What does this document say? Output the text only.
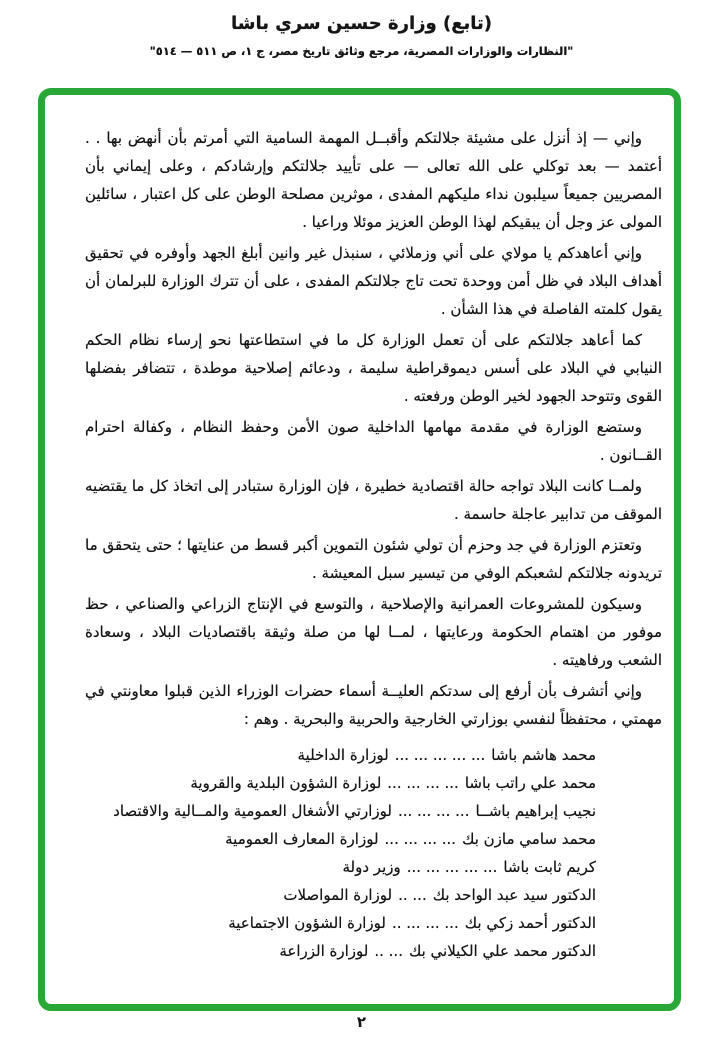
(تابع) وزارة حسين سري باشا
"النظارات والوزارات المصرية، مرجع وثائق تاريخ مصر، ج ١، ص ٥١١ — ٥١٤"

وإني — إذ أنزل على مشيئة جلالتكم وأقبــل المهمة السامية التي أمرتم بأن أنهض بها . . أعتمد — بعد توكلي على الله تعالى — على تأييد جلالتكم وإرشادكم ، وعلى إيماني بأن المصريين جميعاً سيلبون نداء مليكهم المفدى ، موثرين مصلحة الوطن على كل اعتبار ، سائلين المولى عز وجل أن يبقيكم لهذا الوطن العزيز موئلا وراعيا .

وإني أعاهدكم يا مولاي على أني وزملائي ، سنبذل غير وانين أبلغ الجهد وأوفره في تحقيق أهداف البلاد في ظل أمن ووحدة تحت تاج جلالتكم المفدى ، على أن تترك الوزارة للبرلمان أن يقول كلمته الفاصلة في هذا الشأن .

كما أعاهد جلالتكم على أن تعمل الوزارة كل ما في استطاعتها نحو إرساء نظام الحكم النيابي في البلاد على أسس ديموقراطية سليمة ، ودعائم إصلاحية موطدة ، تتضافر بفضلها القوى وتتوحد الجهود لخير الوطن ورفعته .

وستضع الوزارة في مقدمة مهامها الداخلية صون الأمن وحفظ النظام ، وكفالة احترام القــانون .

ولمــا كانت البلاد تواجه حالة اقتصادية خطيرة ، فإن الوزارة ستبادر إلى اتخاذ كل ما يقتضيه الموقف من تدابير عاجلة حاسمة .

وتعتزم الوزارة في جد وحزم أن تولي شئون التموين أكبر قسط من عنايتها ؛ حتى يتحقق ما تريدونه جلالتكم لشعبكم الوفي من تيسير سبل المعيشة .

وسيكون للمشروعات العمرانية والإصلاحية ، والتوسع في الإنتاج الزراعي والصناعي ، حظ موفور من اهتمام الحكومة ورعايتها ، لمــا لها من صلة وثيقة باقتصاديات البلاد ، وسعادة الشعب ورفاهيته .

وإني أتشرف بأن أرفع إلى سدتكم العليــة أسماء حضرات الوزراء الذين قبلوا معاونتي في مهمتي ، محتفظاً لنفسي بوزارتي الخارجية والحربية والبحرية . وهم :

محمد هاشم باشا... ... ... ... ...لوزارة الداخلية
محمد علي راتب باشا... ... ... ...لوزارة الشؤون البلدية والقروية
نجيب إبراهيم باشــا... ... ... ...لوزارتي الأشغال العمومية والمــالية والاقتصاد
محمد سامي مازن بك... ... ... ...لوزارة المعارف العمومية
كريم ثابت باشا... ... ... ... ...وزير دولة
الدكتور سيد عبد الواحد بك... ..لوزارة المواصلات
الدكتور أحمد زكي بك... ... ... ..لوزارة الشؤون الاجتماعية
الدكتور محمد علي الكيلاني بك... ..لوزارة الزراعة
٢
